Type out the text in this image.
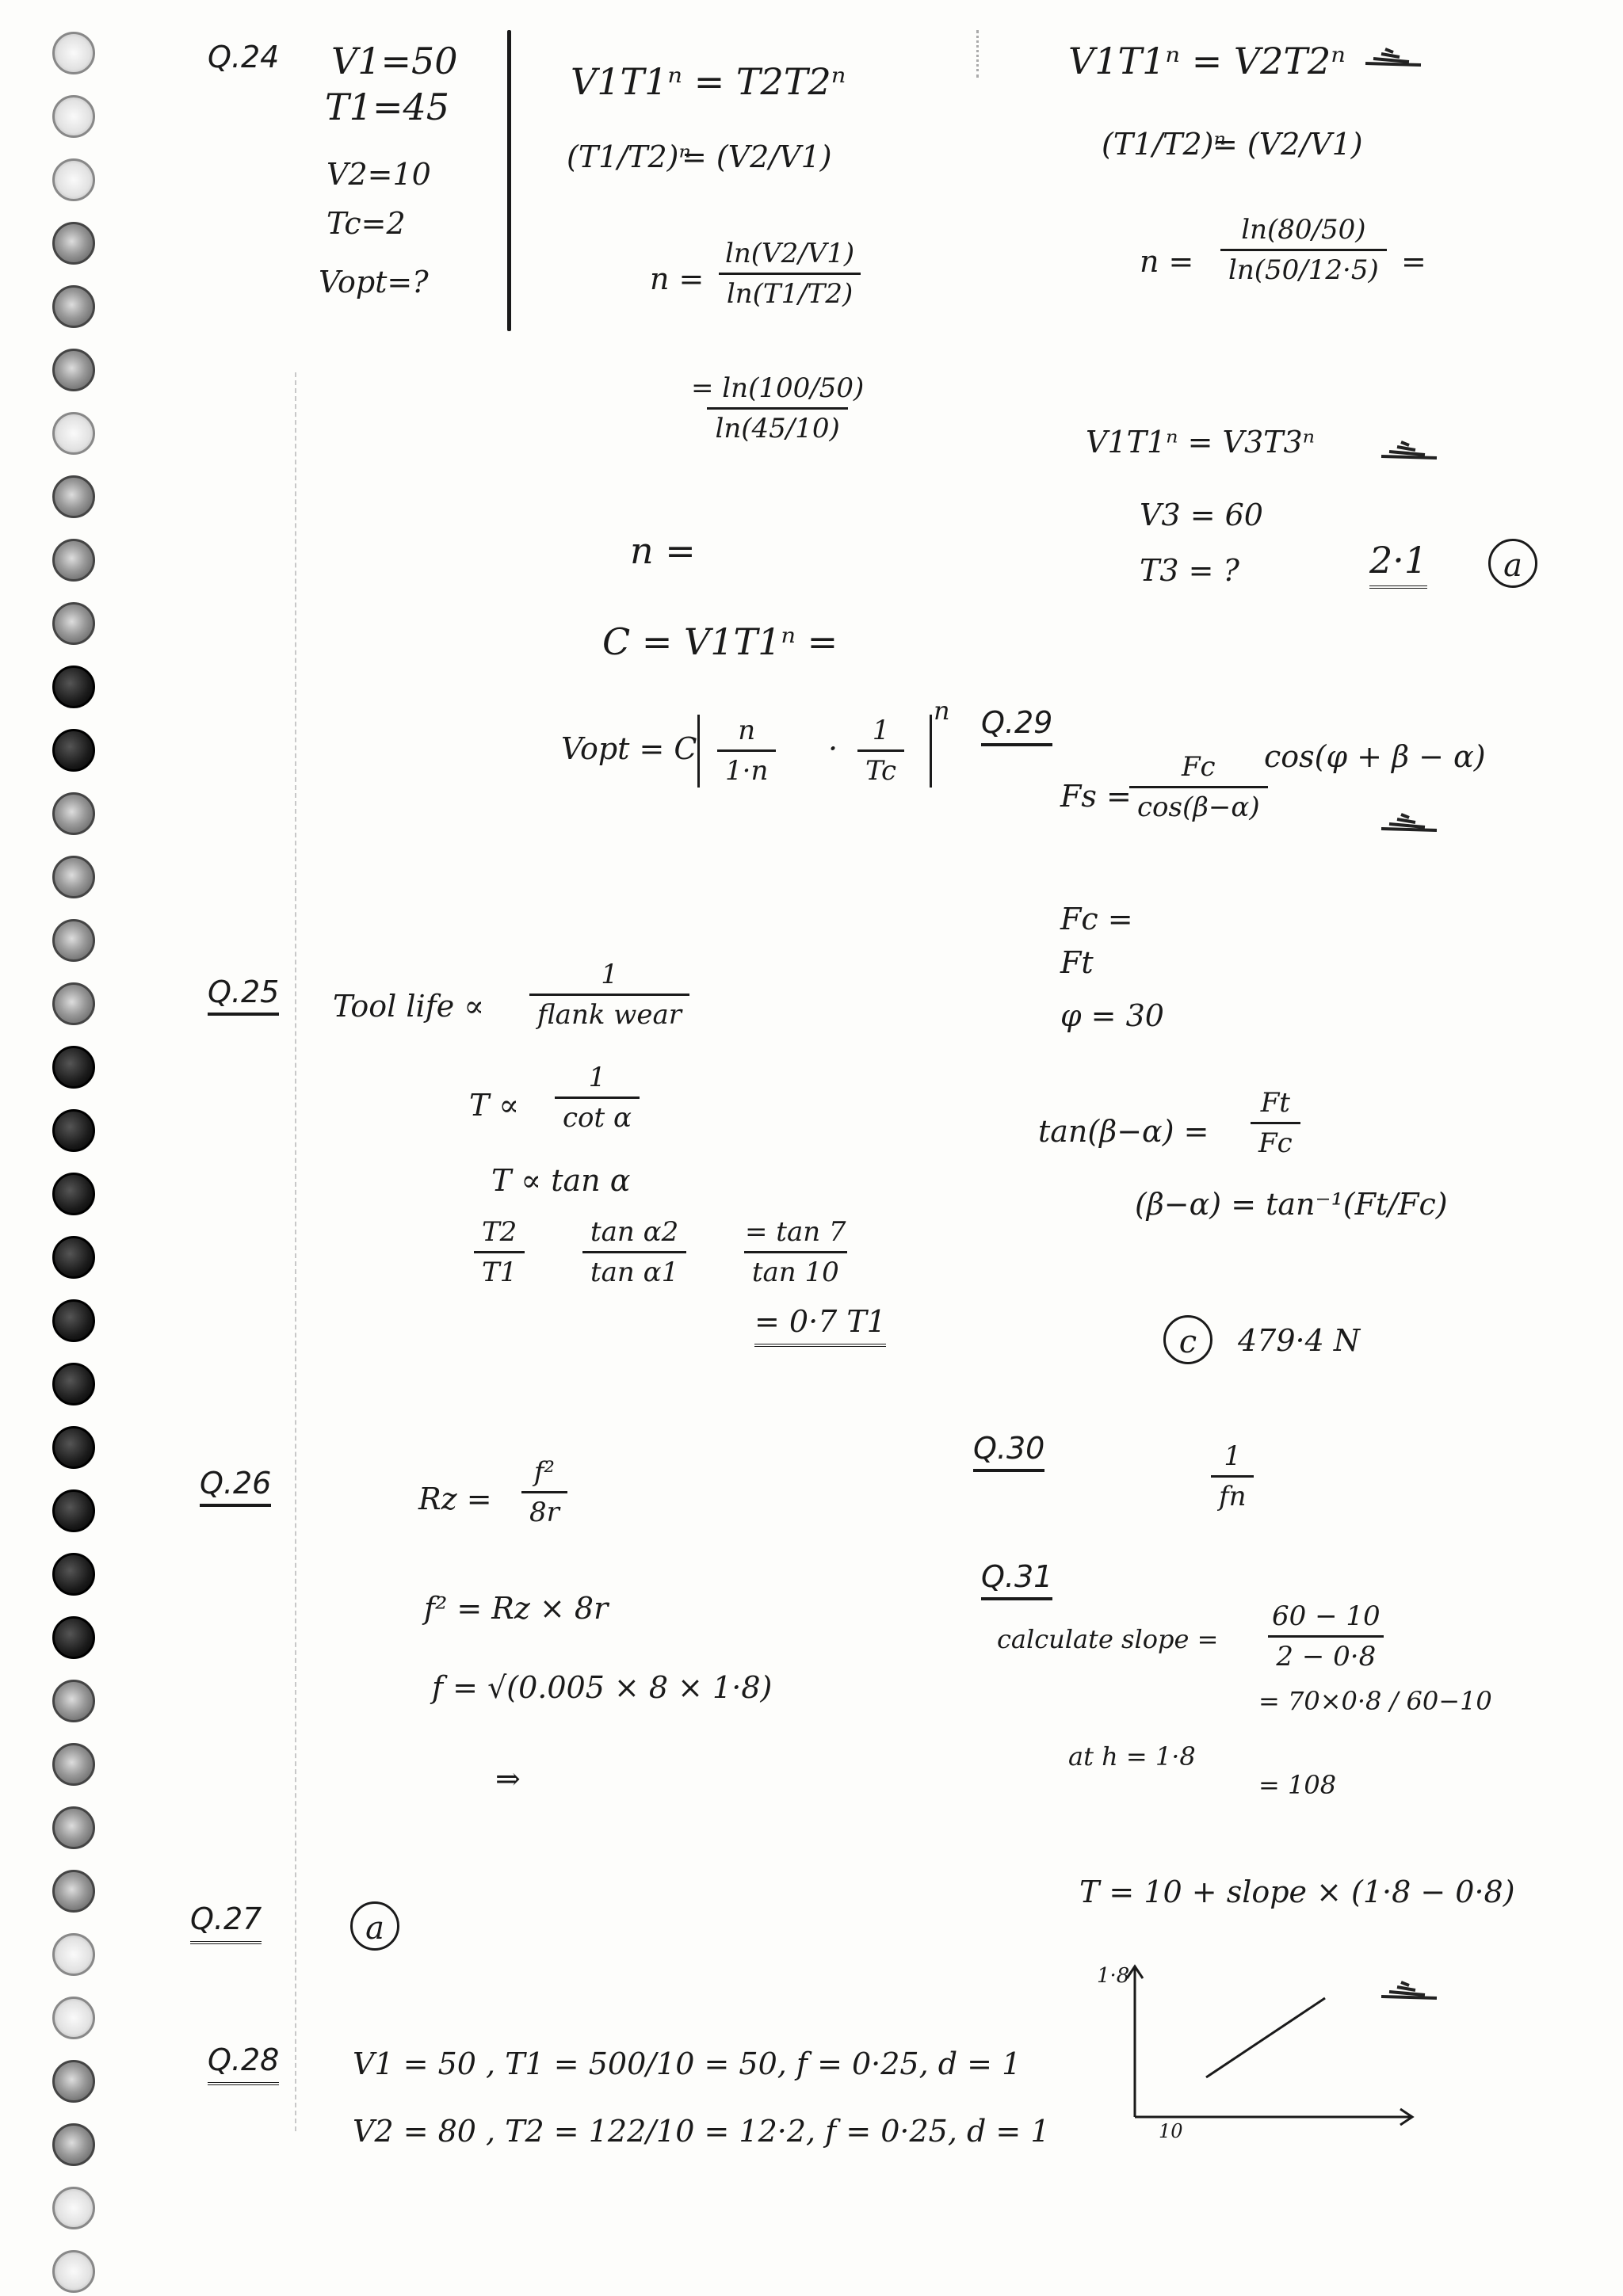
Q.24 V1=50
T1=45
V2=10
Tc=2
Vopt=?
V1T1ⁿ = T2T2ⁿ
(T1/T2)ⁿ
= (V2/V1)
$n = \frac{\ln(V2/V1)}{\ln(T1/T2)}$
$\frac{= \ln(100/50)}{\ln(45/10)}$
n =
C = V1T1ⁿ =
Vopt = C $\frac{n}{1\cdot n} \cdot \frac{1}{Tc}$
n
V1T1ⁿ = V2T2ⁿ
(T1/T2)ⁿ
= (V2/V1)
$n = \frac{\ln(80/50)}{\ln(50/12\cdot 5)}$ =
V1T1ⁿ = V3T3ⁿ
V3 = 60
T3 = ?	2·1	a
Q.25 Tool life ∝
1
flank wear
$T \propto \frac{1}{\text{cot α}}$
T ∝ tan α
$\frac{T2}{T1} \frac{\text{tan α2}}{\text{tan α1}} \frac{= \tan 7}{\tan 10}$
= 0·7 T1
Q.26	$Rz = \frac{\text{f²}}{8r}$
f² = Rz × 8r
f = √(0.005 × 8 × 1·8)
⇒
Q.27	a
Q.28 V1 = 50 , T1 = 500/10 = 50, f = 0·25, d = 1
V2 = 80 , T2 = 122/10 = 12·2, f = 0·25, d = 1
Q.29
Fs =
$\frac{Fc}{\cos(\beta-\alpha)}$
cos(φ + β − α)
Fc =
Ft
φ = 30
$\tan(\beta-\alpha) = \frac{Ft}{Fc}$
(β−α) = tan⁻¹(Ft/Fc)
c	479·4 N
Q.30	$\frac{1}{fn}$
Q.31
calculate slope = $\frac{60 - 10}{2 - 0\cdot 8}$
= 70×0·8 / 60−10
at h = 1·8
= 108
T = 10 + slope × (1·8 − 0·8)
1·8
10
